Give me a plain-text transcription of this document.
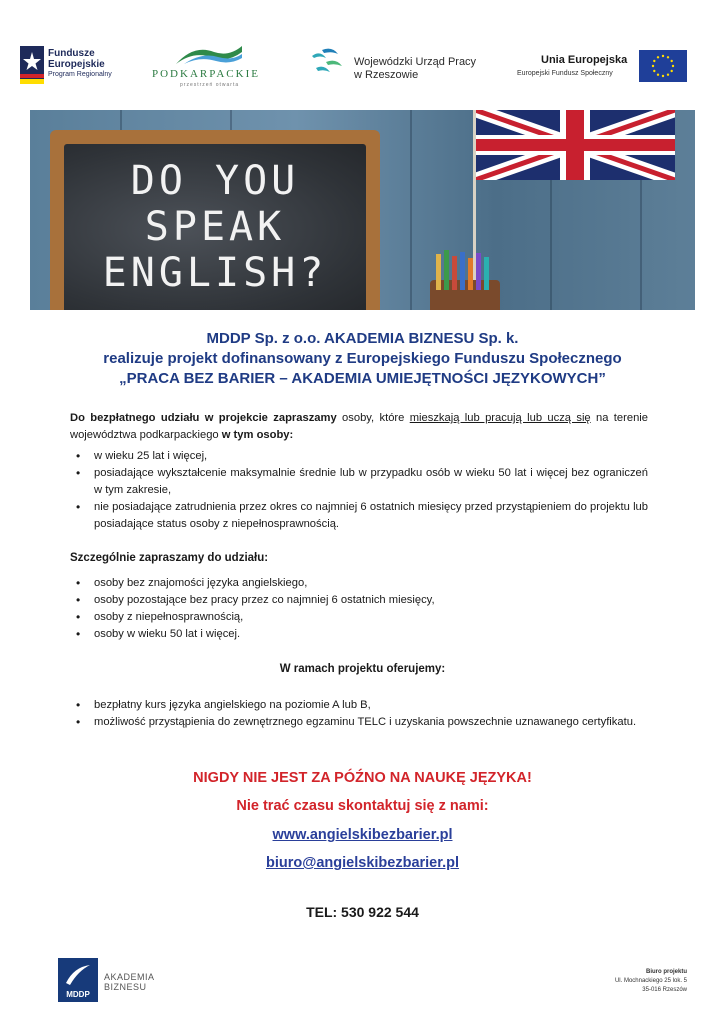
Fundusze
Europejskie
Program Regionalny	PODKARPACKIE
przestrzeń otwarta
Wojewódzki Urząd Pracy
w Rzeszowie
Unia Europejska
Europejski Fundusz Społeczny
DO YOU
SPEAK
ENGLISH?
MDDP Sp. z o.o. AKADEMIA BIZNESU Sp. k.
realizuje projekt dofinansowany z Europejskiego Funduszu Społecznego
„PRACA BEZ BARIER – AKADEMIA UMIEJĘTNOŚCI JĘZYKOWYCH”

Do bezpłatnego udziału w projekcie zapraszamy osoby, które mieszkają lub pracują lub uczą się na terenie województwa podkarpackiego w tym osoby:

• w wieku 25 lat i więcej,
• posiadające wykształcenie maksymalnie średnie lub w przypadku osób w wieku 50 lat i więcej bez ograniczeń w tym zakresie,
• nie posiadające zatrudnienia przez okres co najmniej 6 ostatnich miesięcy przed przystąpieniem do projektu lub posiadające status osoby z niepełnosprawnością.
Szczególnie zapraszamy do udziału:
• osoby bez znajomości języka angielskiego,
• osoby pozostające bez pracy przez co najmniej 6 ostatnich miesięcy,
• osoby z niepełnosprawnością,
• osoby w wieku 50 lat i więcej.
W ramach projektu oferujemy:
• bezpłatny kurs języka angielskiego na poziomie A lub B,
• możliwość przystąpienia do zewnętrznego egzaminu TELC i uzyskania powszechnie uznawanego certyfikatu.
NIGDY NIE JEST ZA PÓŹNO NA NAUKĘ JĘZYKA!
Nie trać czasu skontaktuj się z nami:
www.angielskibezbarier.pl
biuro@angielskibezbarier.pl
TEL: 530 922 544
MDDP
AKADEMIA
BIZNESU
Biuro projektu
Ul. Mochnackiego 25 lok. 5
35-016 Rzeszów
